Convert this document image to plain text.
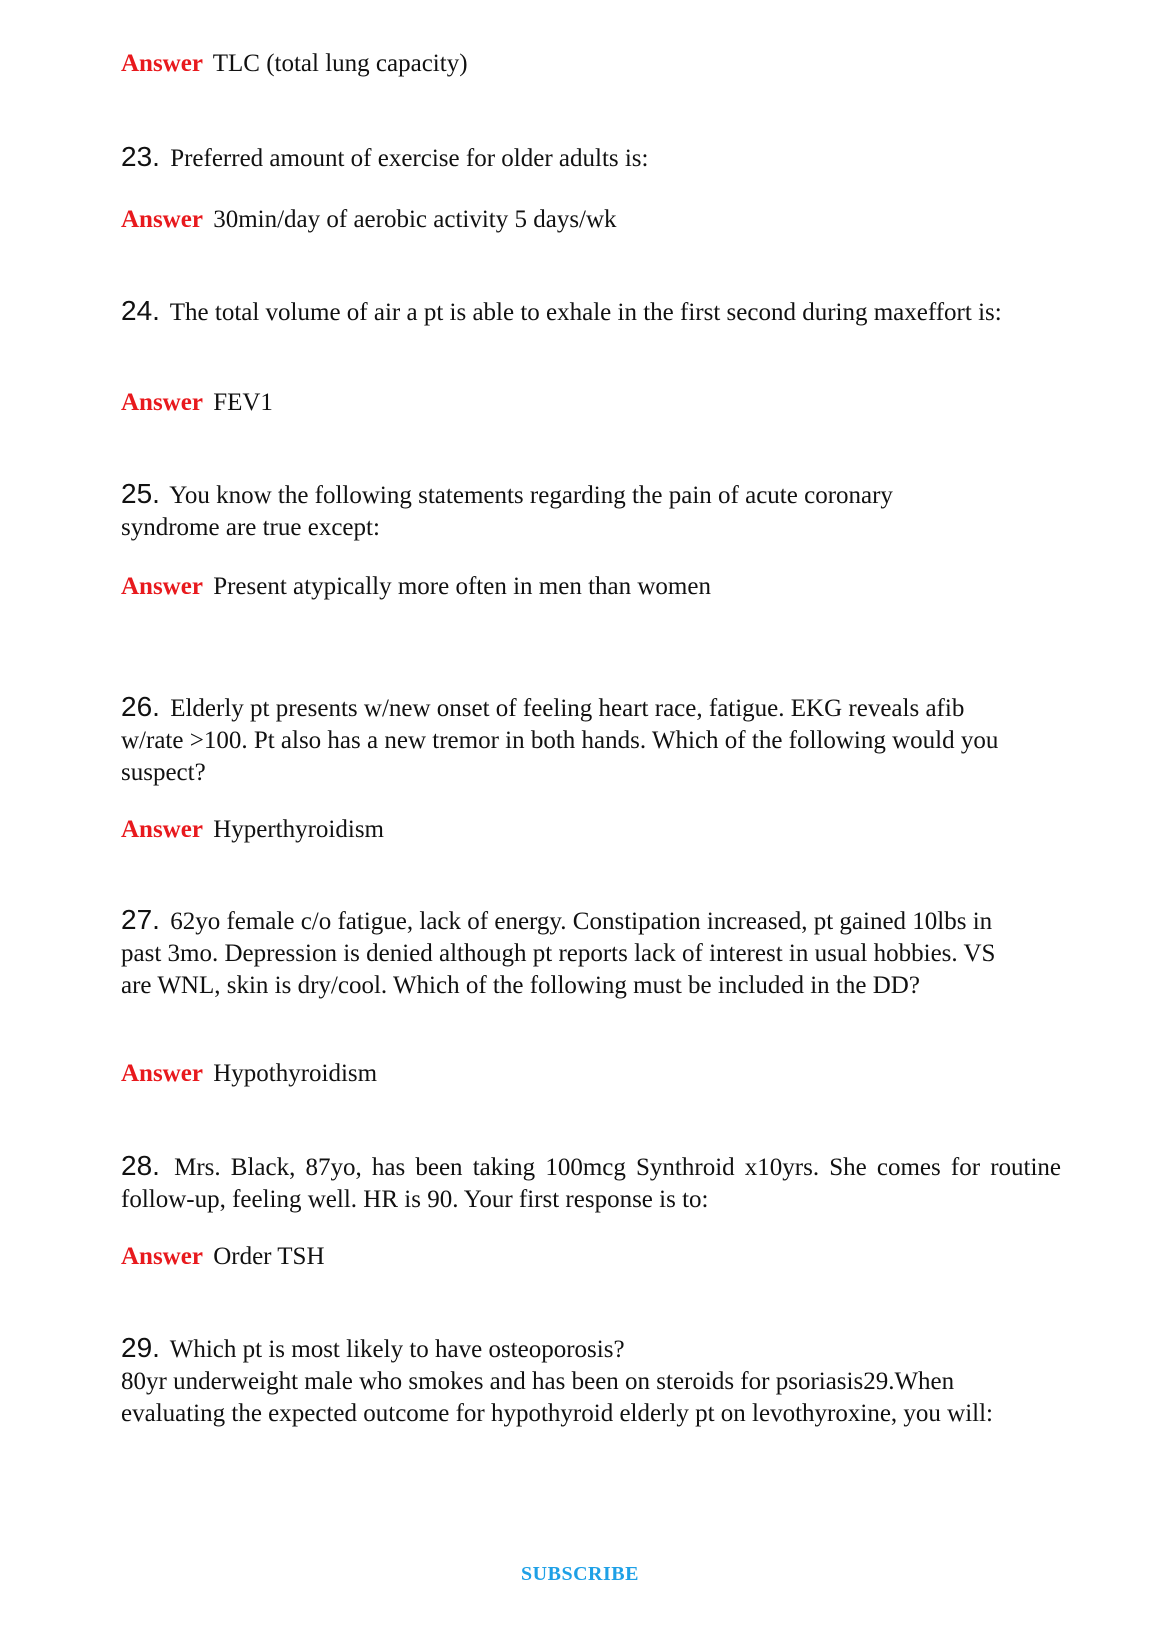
Answer TLC (total lung capacity)

23. Preferred amount of exercise for older adults is:

Answer 30min/day of aerobic activity 5 days/wk

24. The total volume of air a pt is able to exhale in the first second during maxeffort is:

Answer FEV1

25. You know the following statements regarding the pain of acute coronary syndrome are true except:

Answer Present atypically more often in men than women

26. Elderly pt presents w/new onset of feeling heart race, fatigue. EKG reveals afib w/rate >100. Pt also has a new tremor in both hands. Which of the following would you suspect?

Answer Hyperthyroidism

27. 62yo female c/o fatigue, lack of energy. Constipation increased, pt gained 10lbs in past 3mo. Depression is denied although pt reports lack of interest in usual hobbies. VS are WNL, skin is dry/cool. Which of the following must be included in the DD?

Answer Hypothyroidism

28. Mrs. Black, 87yo, has been taking 100mcg Synthroid x10yrs. She comes for routine follow-up, feeling well. HR is 90. Your first response is to:

Answer Order TSH

29. Which pt is most likely to have osteoporosis?

80yr underweight male who smokes and has been on steroids for psoriasis29.When evaluating the expected outcome for hypothyroid elderly pt on levothyroxine, you will:

SUBSCRIBE
